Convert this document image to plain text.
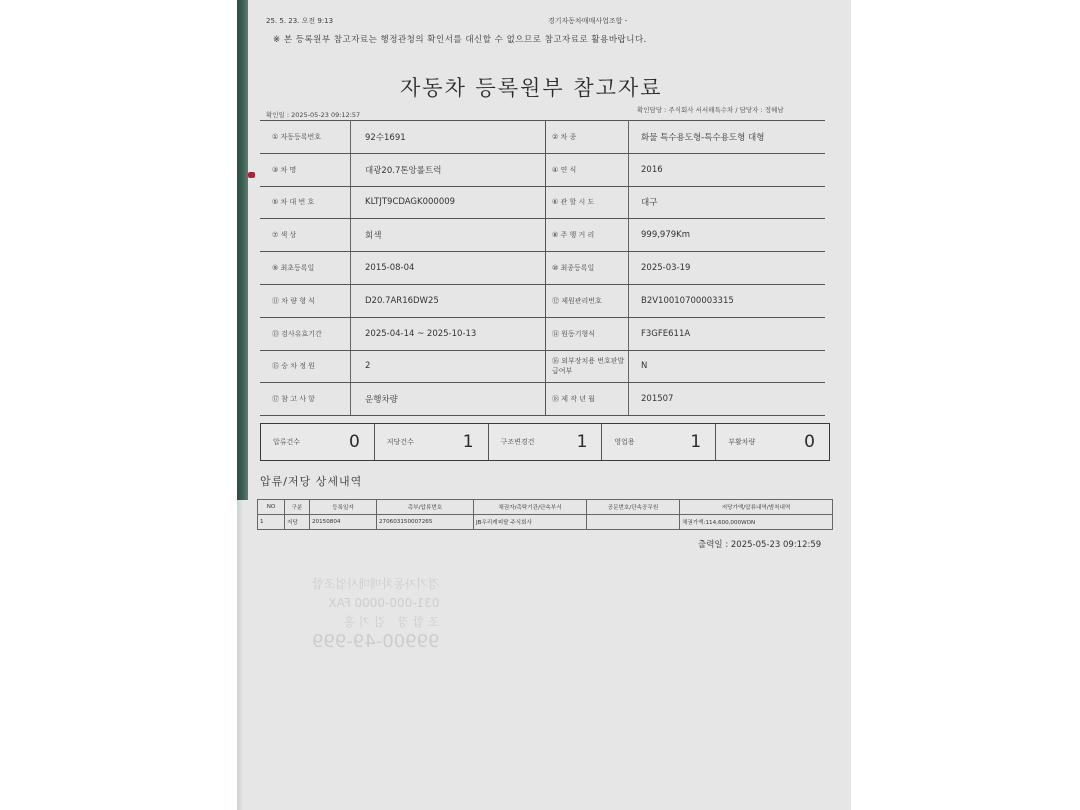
25. 5. 23. 오전 9:13	경기자동차매매사업조합 -
※ 본 등록원부 참고자료는 행정관청의 확인서를 대신할 수 없으므로 참고자료로 활용바랍니다.
자동차 등록원부 참고자료
확인일 : 2025-05-23 09:12:57
확인담당 : 주식회사 서서해특수차 / 담당자 : 정혜남
① 자동등록번호	92수1691	② 차 종	화물 특수용도형-특수용도형 대형
③ 차 명	대광20.7톤앙롤트럭	④ 연 식	2016
⑤ 차 대 번 호	KLTJT9CDAGK000009	⑥ 관 할 시 도	대구
⑦ 색 상	회색	⑧ 주 행 거 리	999,979Km
⑨ 최초등록일	2015-08-04	⑩ 최종등록일	2025-03-19
⑪ 차 량 형 식	D20.7AR16DW25	⑫ 제원관리번호	B2V10010700003315
⑬ 검사유효기간	2025-04-14 ~ 2025-10-13	⑭ 원동기형식	F3GFE611A
⑮ 승 차 정 원	2	⑯ 외부장치용 번호판발급여부	N
⑰ 참 고 사 항	운행차량	⑱ 제 작 년 월	201507
압류건수	0	저당건수	1	구조변경건 1	영업용	1	부활차량	0
압류/저당 상세내역
NO	구분	등록일자	촉부/압류번호	채권자/촉탁기관/단속부서	공문번호/단속공무원	저당가액/압류내역/범칙내역
1	저당	20150804	270603150007265	JB우리캐피탈 주식회사		채권가액:114,600,000WON
출력일 : 2025-05-23 09:12:59
경기자동차매매사업조합
031-000-0000 FAX
조 합 장   김 기 홍
99900-49-999
